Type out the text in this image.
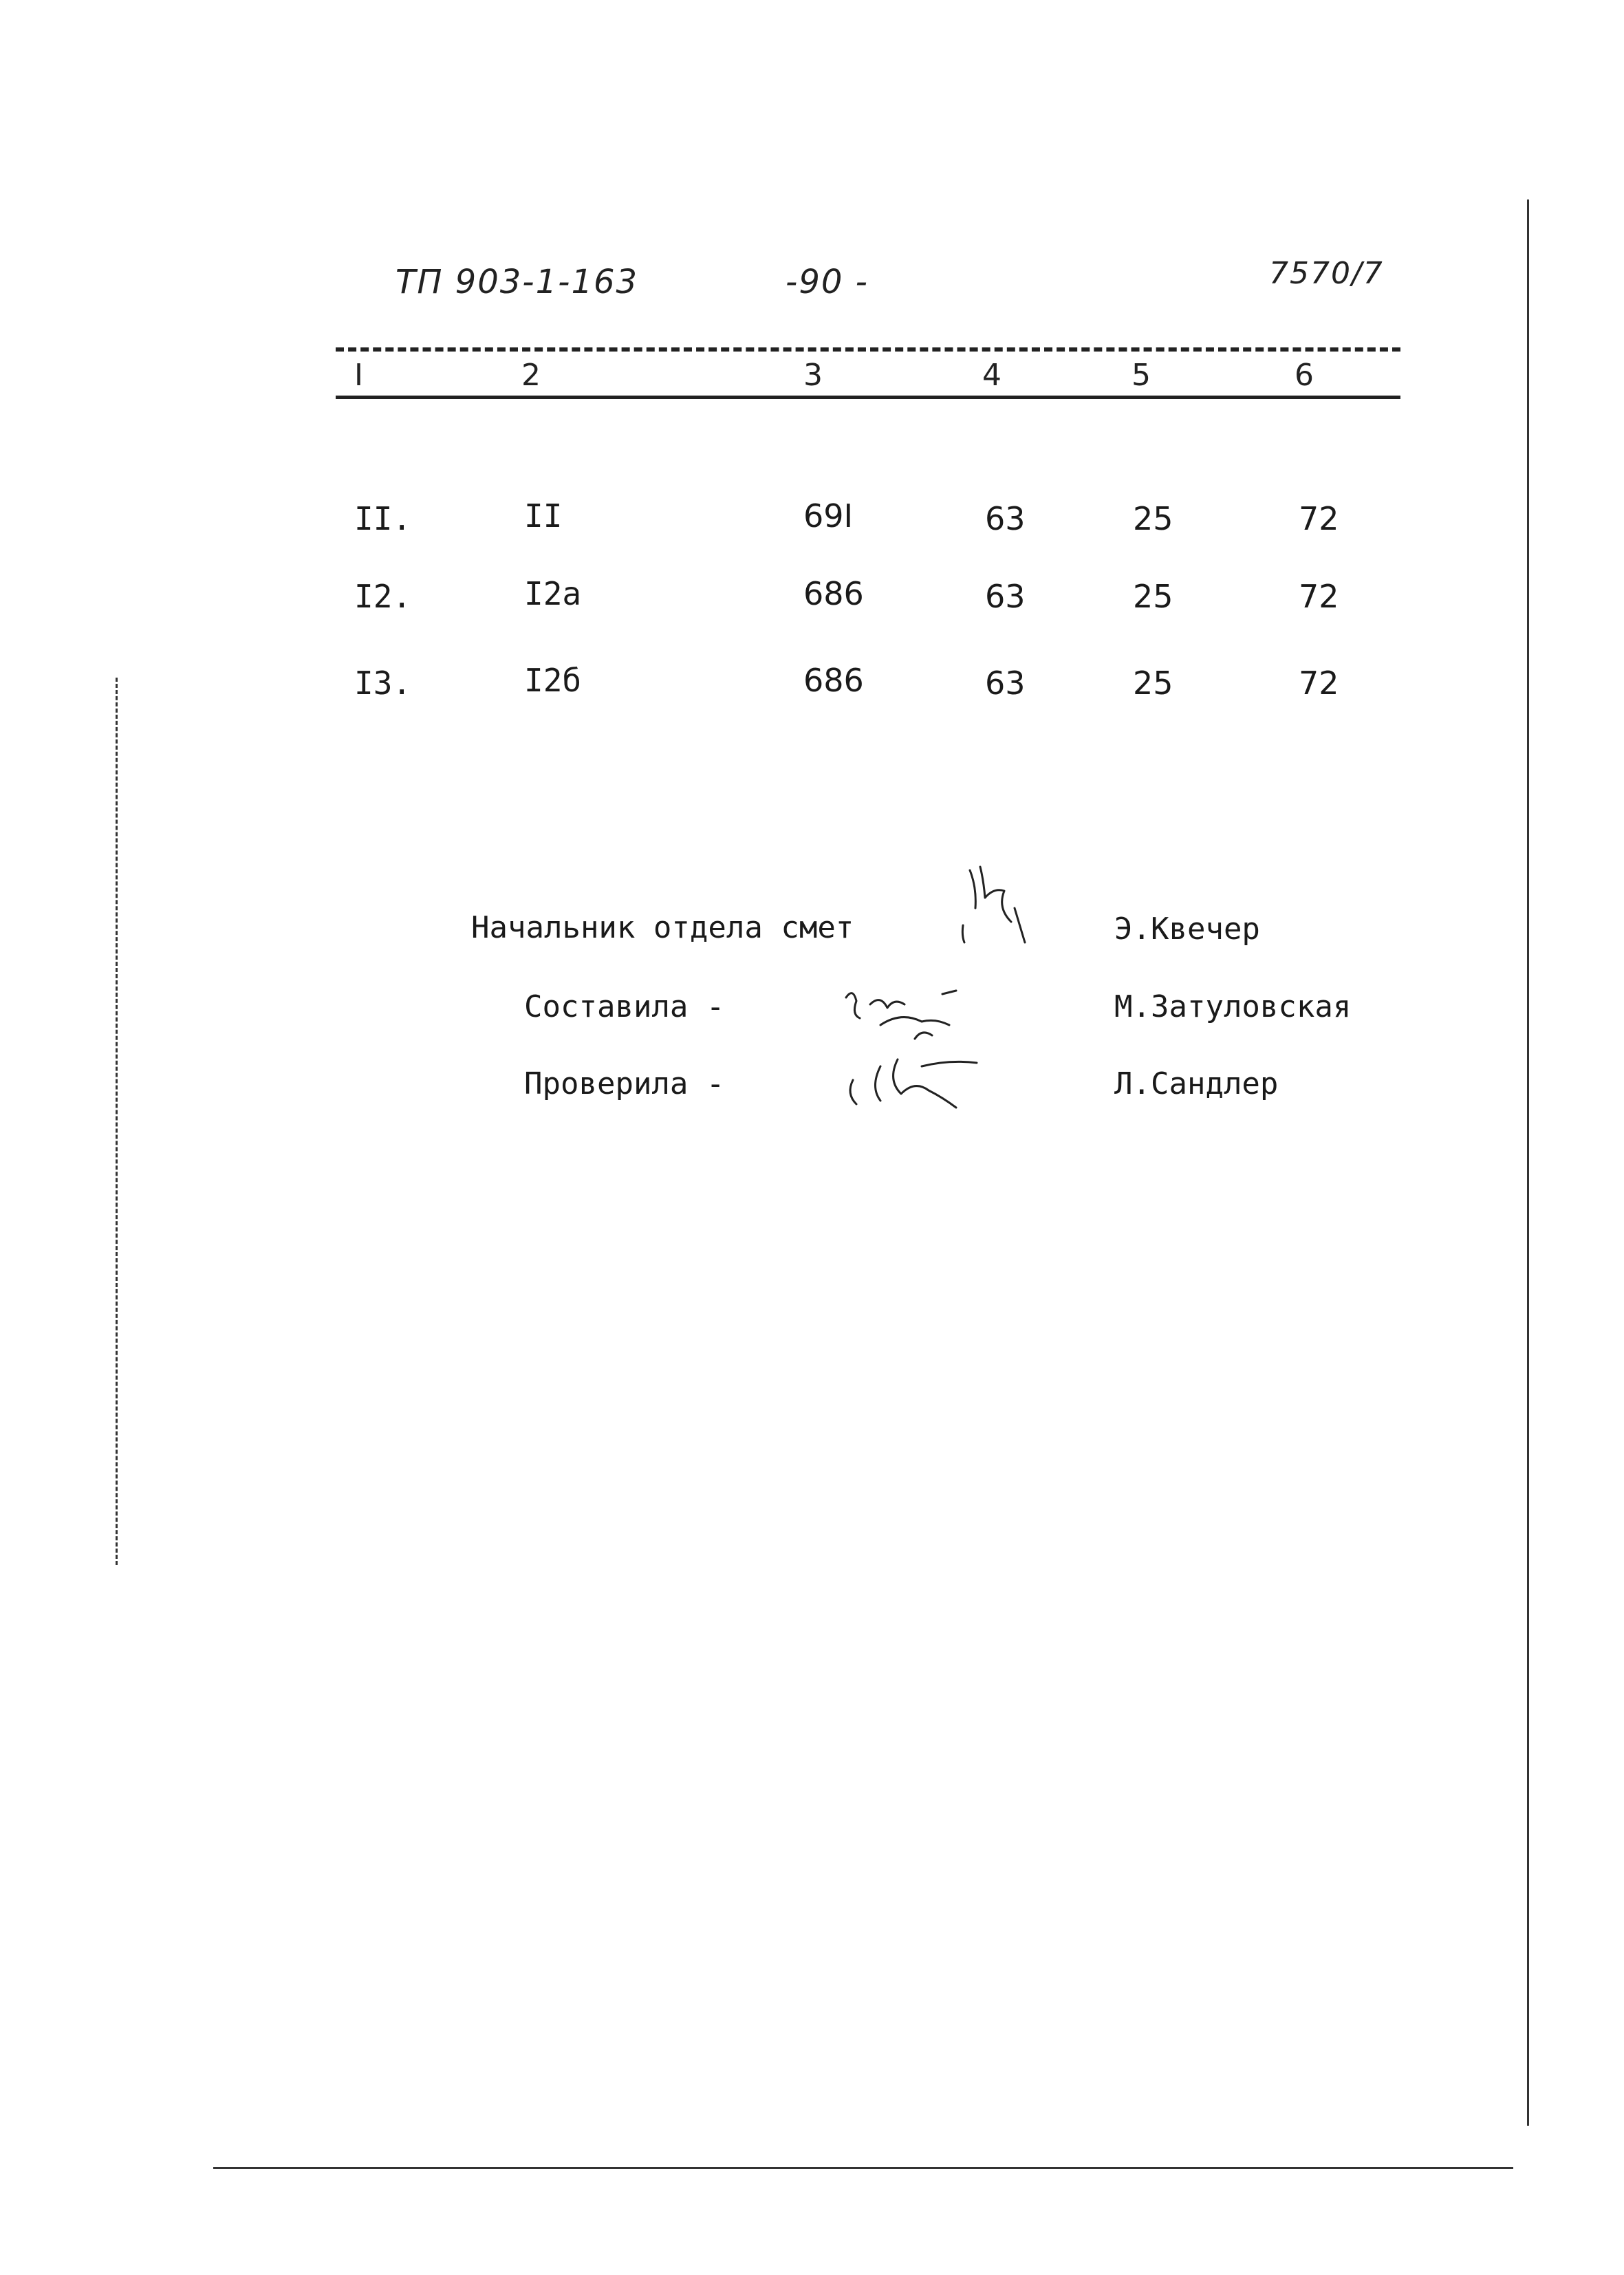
ТП 903-1-163	-90 -	7570/7
I	2	3	4	5	6
II.	II	69I	63	25	72
I2.	I2а	686	63	25	72
I3.	I2б	686	63	25	72
Начальник отдела смет	Э.Квечер
Составила -	М.Затуловская
Проверила -	Л.Сандлер
